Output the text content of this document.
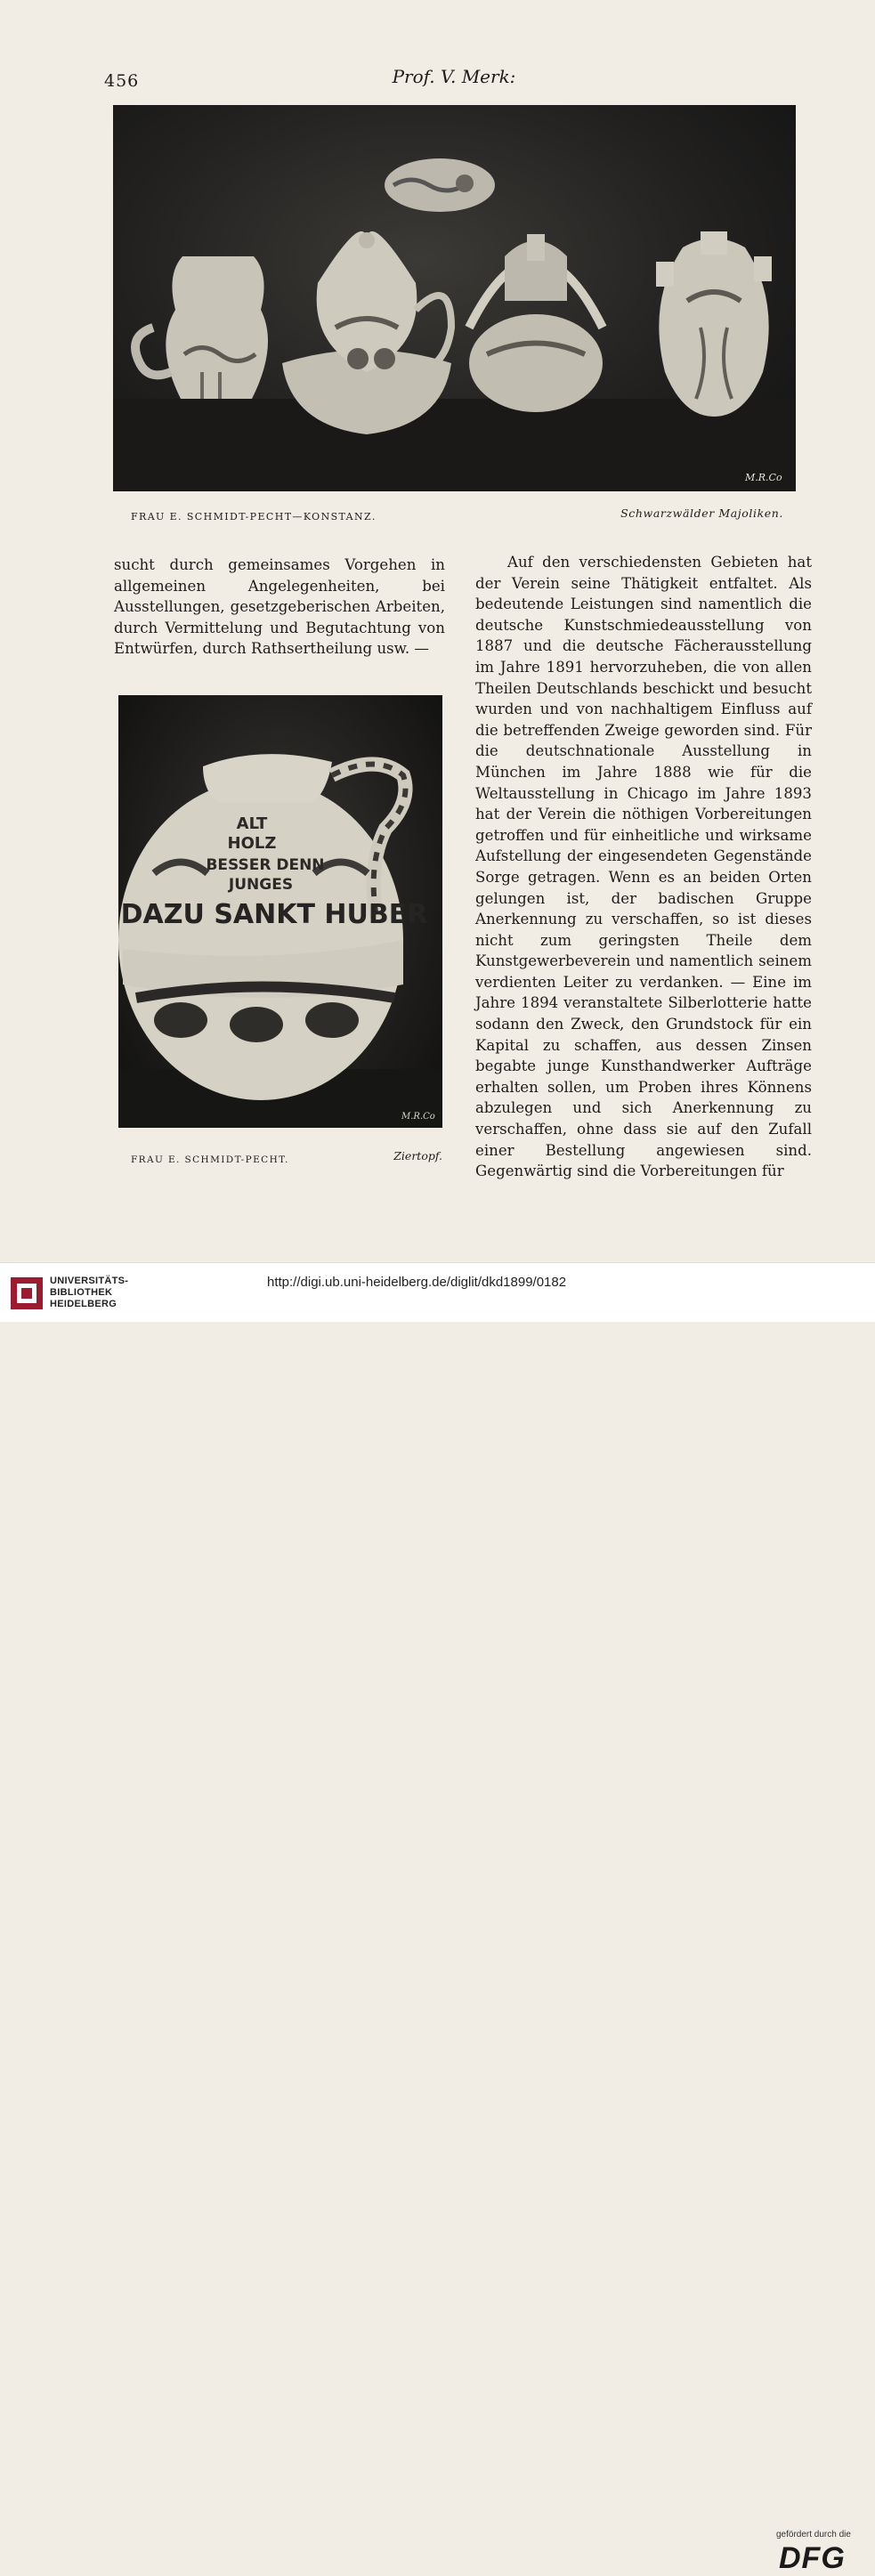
456	Prof. V. Merk:
M.R.Co
FRAU E. SCHMIDT-PECHT—KONSTANZ.	Schwarzwälder Majoliken.

sucht durch gemeinsames Vorgehen in allgemeinen Angelegenheiten, bei Ausstellungen, gesetzgeberischen Arbeiten, durch Vermittelung und Begutachtung von Entwürfen, durch Rathsertheilung usw. —

Auf den verschiedensten Gebieten hat der Verein seine Thätigkeit entfaltet. Als bedeutende Leistungen sind namentlich die deutsche Kunstschmiedeausstellung von 1887 und die deutsche Fächerausstellung im Jahre 1891 hervorzuheben, die von allen Theilen Deutschlands beschickt und besucht wurden und von nachhaltigem Einfluss auf die betreffenden Zweige geworden sind. Für die deutschnationale Ausstellung in München im Jahre 1888 wie für die Weltausstellung in Chicago im Jahre 1893 hat der Verein die nöthigen Vorbereitungen getroffen und für einheitliche und wirksame Aufstellung der eingesendeten Gegenstände Sorge getragen. Wenn es an beiden Orten gelungen ist, der badischen Gruppe Anerkennung zu verschaffen, so ist dieses nicht zum geringsten Theile dem Kunstgewerbeverein und namentlich seinem verdienten Leiter zu verdanken. — Eine im Jahre 1894 veranstaltete Silberlotterie hatte sodann den Zweck, den Grundstock für ein Kapital zu schaffen, aus dessen Zinsen begabte junge Kunsthandwerker Aufträge erhalten sollen, um Proben ihres Könnens abzulegen und sich Anerkennung zu verschaffen, ohne dass sie auf den Zufall einer Bestellung angewiesen sind. Gegenwärtig sind die Vorbereitungen für

ALT
HOLZ
BESSER DENN
JUNGES
DAZU SANKT HUBER
M.R.Co
FRAU E. SCHMIDT-PECHT.	Ziertopf.
UNIVERSITÄTS-
BIBLIOTHEK
HEIDELBERG
gefördert durch die
DFG
http://digi.ub.uni-heidelberg.de/diglit/dkd1899/0182
